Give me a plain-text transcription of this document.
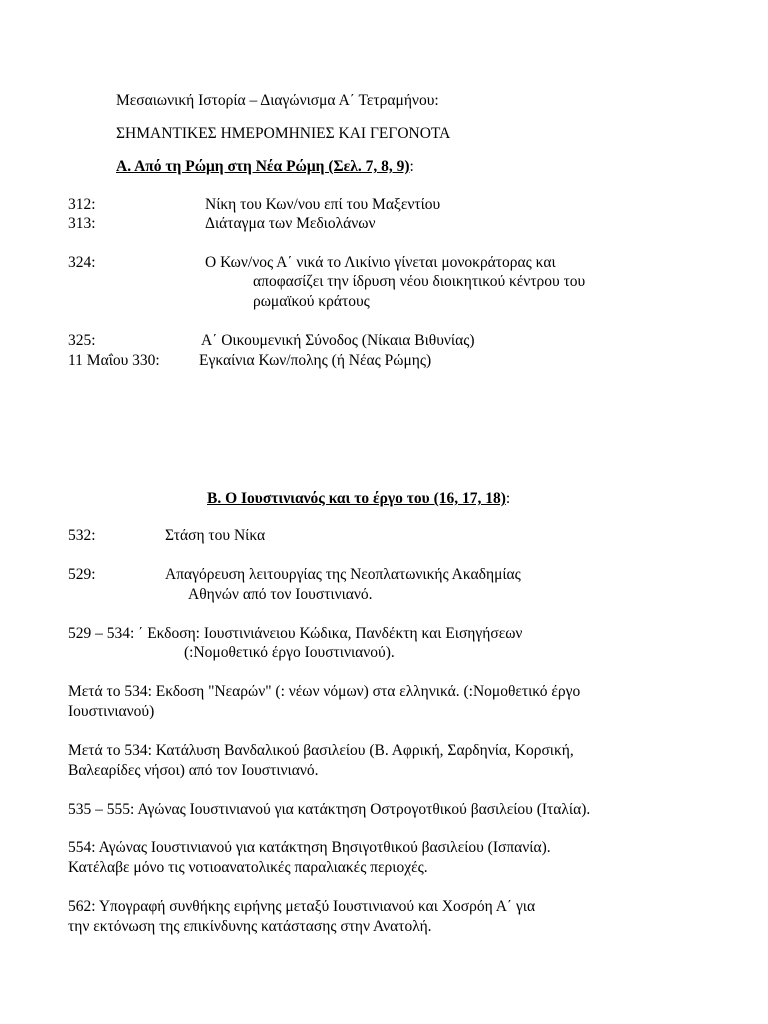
Μεσαιωνική Ιστορία – Διαγώνισμα Α΄ Τετραμήνου:
ΣΗΜΑΝΤΙΚΕΣ ΗΜΕΡΟΜΗΝΙΕΣ ΚΑΙ ΓΕΓΟΝΟΤΑ
Α. Από τη Ρώμη στη Νέα Ρώμη (Σελ. 7, 8, 9):
312:	Νίκη του Κων/νου επί του Μαξεντίου
313:	Διάταγμα των Μεδιολάνων
324:	Ο Κων/νος Α΄ νικά το Λικίνιο γίνεται μονοκράτορας και
αποφασίζει την ίδρυση νέου διοικητικού κέντρου του
ρωμαϊκού κράτους
325:	Α΄ Οικουμενική Σύνοδος (Νίκαια Βιθυνίας)
11 Μαΐου 330:	Εγκαίνια Κων/πολης (ή Νέας Ρώμης)
Β. Ο Ιουστινιανός και το έργο του (16, 17, 18):
532:	Στάση του Νίκα
529:	Απαγόρευση λειτουργίας της Νεοπλατωνικής Ακαδημίας
Αθηνών από τον Ιουστινιανό.
529 – 534: ΄ Εκδοση: Ιουστινιάνειου Κώδικα, Πανδέκτη και Εισηγήσεων
(:Νομοθετικό έργο Ιουστινιανού).
Μετά το 534: Εκδοση "Νεαρών" (: νέων νόμων) στα ελληνικά. (:Νομοθετικό έργο
Ιουστινιανού)
Μετά το 534: Κατάλυση Βανδαλικού βασιλείου (Β. Αφρική, Σαρδηνία, Κορσική,
Βαλεαρίδες νήσοι) από τον Ιουστινιανό.
535 – 555: Αγώνας Ιουστινιανού για κατάκτηση Οστρογοτθικού βασιλείου (Ιταλία).
554: Αγώνας Ιουστινιανού για κατάκτηση Βησιγοτθικού βασιλείου (Ισπανία).
Κατέλαβε μόνο τις νοτιοανατολικές παραλιακές περιοχές.
562: Υπογραφή συνθήκης ειρήνης μεταξύ Ιουστινιανού και Χοσρόη Α΄ για
την εκτόνωση της επικίνδυνης κατάστασης στην Ανατολή.
